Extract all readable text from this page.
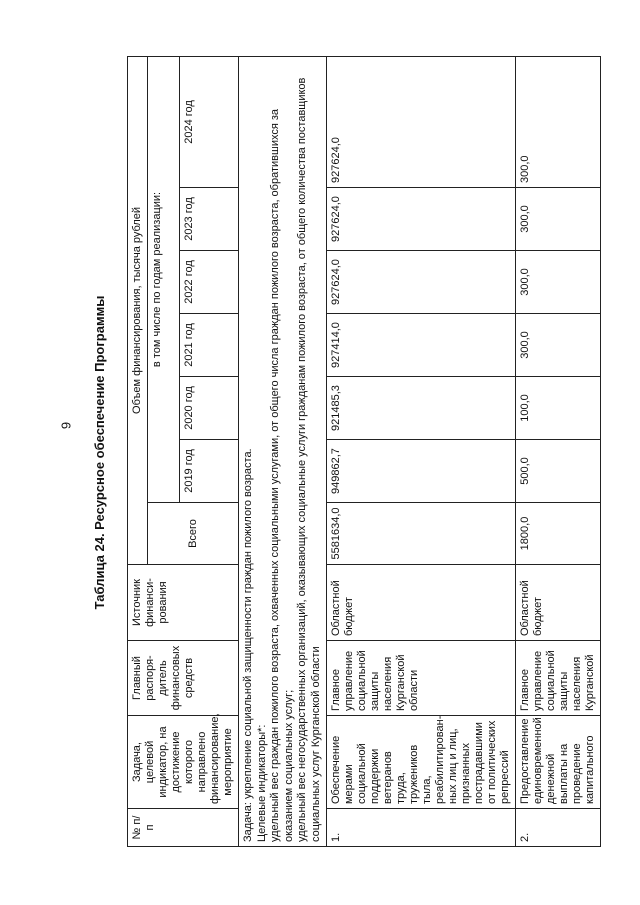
9 Таблица 24. Ресурсное обеспечение Программы
№ п/п	Задача, целевой индикатор, на достижение которого направлено финансирование, мероприятие	Главный распоря-дитель финансовых средств	Источник финанси-рования	Объем финансирования, тысяча рублей						
				Всего	в том числе по годам реализации:					
					2019 год	2020 год	2021 год	2022 год	2023 год	2024 год

Задача: укрепление социальной защищенности граждан пожилого возраста. Целевые индикаторы*: удельный вес граждан пожилого возраста, охваченных социальными услугами, от общего числа граждан пожилого возраста, обратившихся за оказанием социальных услуг; удельный вес негосударственных организаций, оказывающих социальные услуги гражданам пожилого возраста, от общего количества поставщиков социальных услуг Курганской области										

1.	Обеспечение мерами социальной поддержки ветеранов труда, тружеников тыла, реабилитирован-ных лиц и лиц, признанных пострадавшими от политических репрессий	Главное управление социальной защиты населения Курганской области	Областной бюджет	5581634,0	949862,7	921485,3	927414,0	927624,0	927624,0	927624,0
2.	Предоставление единовременной денежной выплаты на проведение капитального	Главное управление социальной защиты населения Курганской	Областной бюджет	1800,0	500,0	100,0	300,0	300,0	300,0	300,0
